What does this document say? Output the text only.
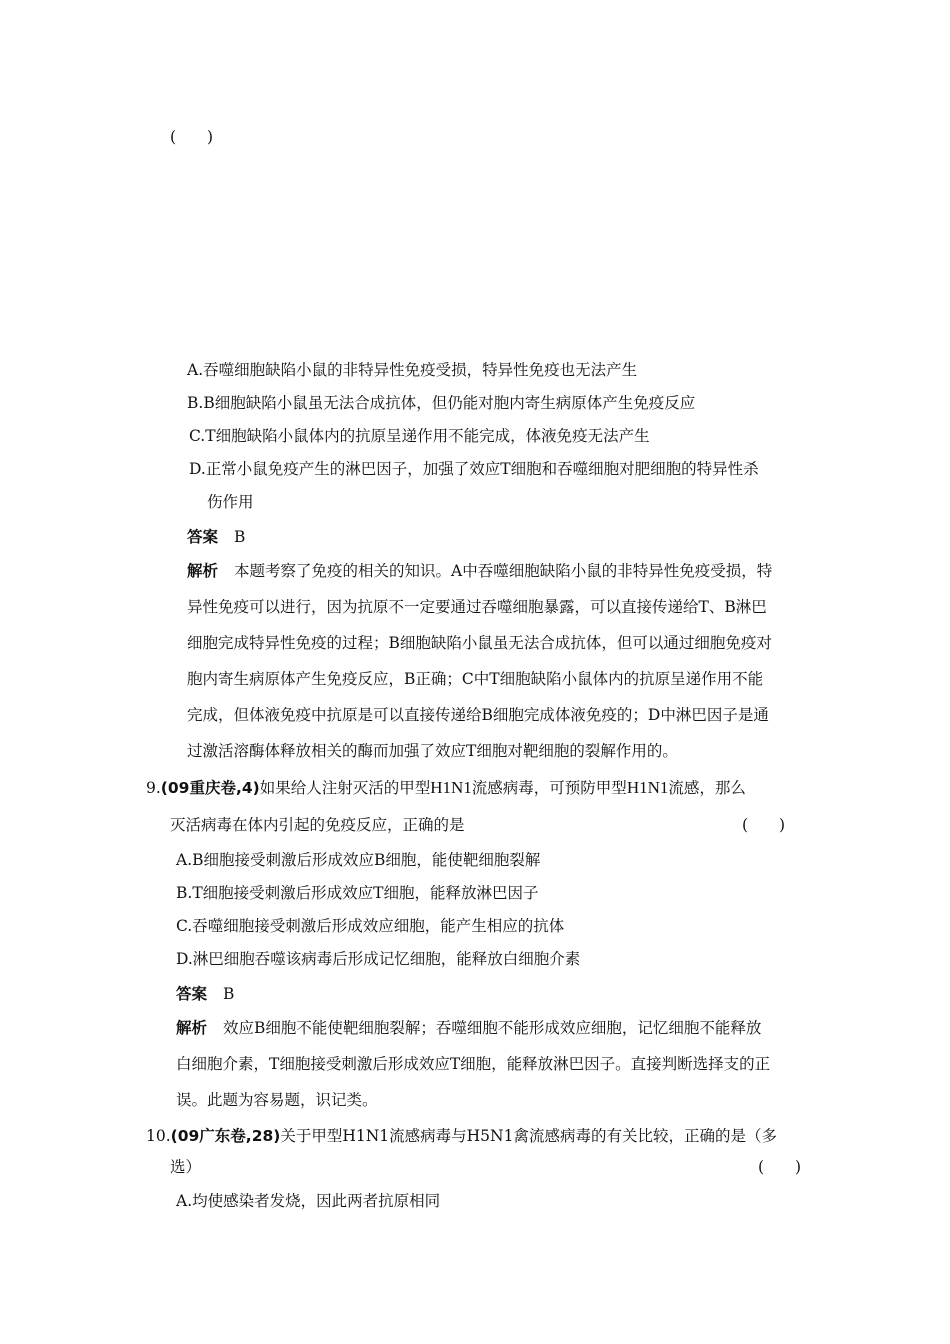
(　　)
A.吞噬细胞缺陷小鼠的非特异性免疫受损，特异性免疫也无法产生
B.B细胞缺陷小鼠虽无法合成抗体，但仍能对胞内寄生病原体产生免疫反应
C.T细胞缺陷小鼠体内的抗原呈递作用不能完成，体液免疫无法产生
D.正常小鼠免疫产生的淋巴因子，加强了效应T细胞和吞噬细胞对肥细胞的特异性杀
伤作用
答案 B
解析 本题考察了免疫的相关的知识。A中吞噬细胞缺陷小鼠的非特异性免疫受损，特
异性免疫可以进行，因为抗原不一定要通过吞噬细胞暴露，可以直接传递给T、B淋巴
细胞完成特异性免疫的过程；B细胞缺陷小鼠虽无法合成抗体，但可以通过细胞免疫对
胞内寄生病原体产生免疫反应，B正确；C中T细胞缺陷小鼠体内的抗原呈递作用不能
完成，但体液免疫中抗原是可以直接传递给B细胞完成体液免疫的；D中淋巴因子是通
过激活溶酶体释放相关的酶而加强了效应T细胞对靶细胞的裂解作用的。
9.(09重庆卷,4)如果给人注射灭活的甲型H1N1流感病毒，可预防甲型H1N1流感，那么
灭活病毒在体内引起的免疫反应，正确的是	(　　)
A.B细胞接受刺激后形成效应B细胞，能使靶细胞裂解
B.T细胞接受刺激后形成效应T细胞，能释放淋巴因子
C.吞噬细胞接受刺激后形成效应细胞，能产生相应的抗体
D.淋巴细胞吞噬该病毒后形成记忆细胞，能释放白细胞介素
答案 B
解析 效应B细胞不能使靶细胞裂解；吞噬细胞不能形成效应细胞，记忆细胞不能释放
白细胞介素，T细胞接受刺激后形成效应T细胞，能释放淋巴因子。直接判断选择支的正
误。此题为容易题，识记类。
10.(09广东卷,28)关于甲型H1N1流感病毒与H5N1禽流感病毒的有关比较，正确的是（多
选）	(　　)
A.均使感染者发烧，因此两者抗原相同
